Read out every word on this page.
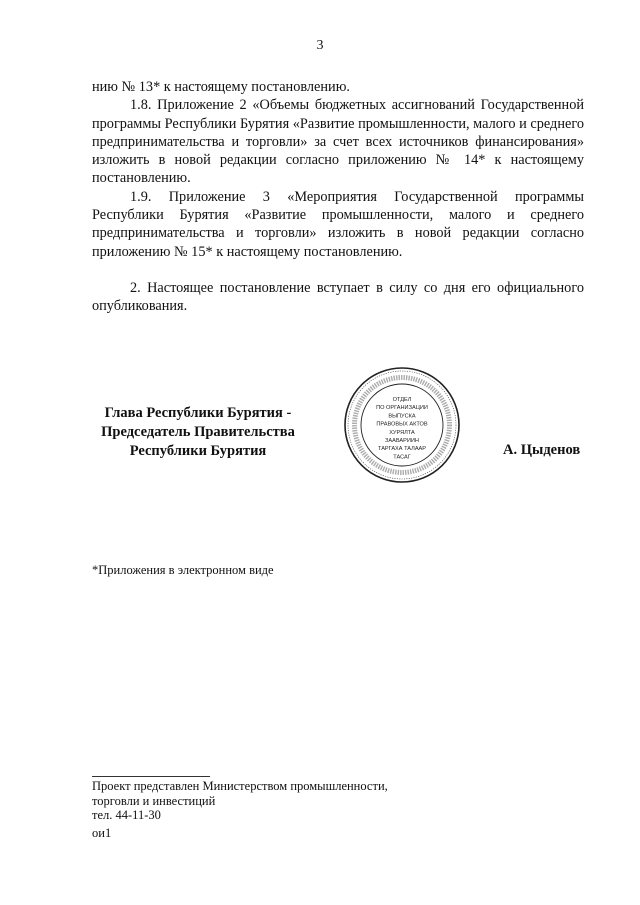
3

нию № 13* к настоящему постановлению.

1.8. Приложение 2 «Объемы бюджетных ассигнований Государственной программы Республики Бурятия «Развитие промышленности, малого и среднего предпринимательства и торговли» за счет всех источников финансирования» изложить в новой редакции согласно приложению № 14* к настоящему постановлению.

1.9. Приложение 3 «Мероприятия Государственной программы Республики Бурятия «Развитие промышленности, малого и среднего предпринимательства и торговли» изложить в новой редакции согласно приложению № 15* к настоящему постановлению.

2. Настоящее постановление вступает в силу со дня его официального опубликования.

Глава Республики Бурятия -
Председатель Правительства
Республики Бурятия
ОТДЕЛ
ПО ОРГАНИЗАЦИИ
ВЫПУСКА
ПРАВОВЫХ АКТОВ
ХУРЯЛТА
ЗААВАРИИН
ТАРГАХА ТАЛААР
ТАСАГ	А. Цыденов
*Приложения в электронном виде
Проект представлен Министерством промышленности,
торговли и инвестиций
тел. 44-11-30
ои1
